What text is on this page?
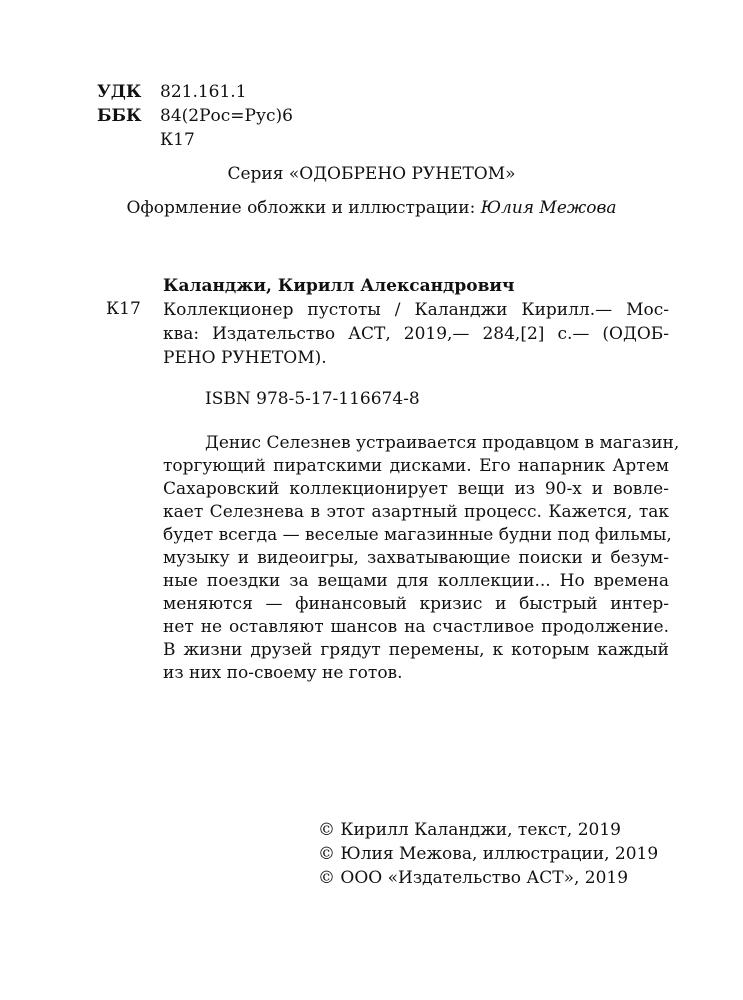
УДК	821.161.1
ББК	84(2Рос=Рус)6
К17
Серия «ОДОБРЕНО РУНЕТОМ»
Оформление обложки и иллюстрации: Юлия Межова
Каланджи, Кирилл Александрович
К17 Коллекционер пустоты / Каланджи Кирилл.— Мос-
ква: Издательство АСТ, 2019,— 284,[2] с.— (ОДОБ-
РЕНО РУНЕТОМ).
ISBN 978-5-17-116674-8
Денис Селезнев устраивается продавцом в магазин,
торгующий пиратскими дисками. Его напарник Артем
Сахаровский коллекционирует вещи из 90-х и вовле-
кает Селезнева в этот азартный процесс. Кажется, так
будет всегда — веселые магазинные будни под фильмы,
музыку и видеоигры, захватывающие поиски и безум-
ные поездки за вещами для коллекции... Но времена
меняются — финансовый кризис и быстрый интер-
нет не оставляют шансов на счастливое продолжение.
В жизни друзей грядут перемены, к которым каждый
из них по-своему не готов.
© Кирилл Каланджи, текст, 2019
© Юлия Межова, иллюстрации, 2019
© ООО «Издательство АСТ», 2019
